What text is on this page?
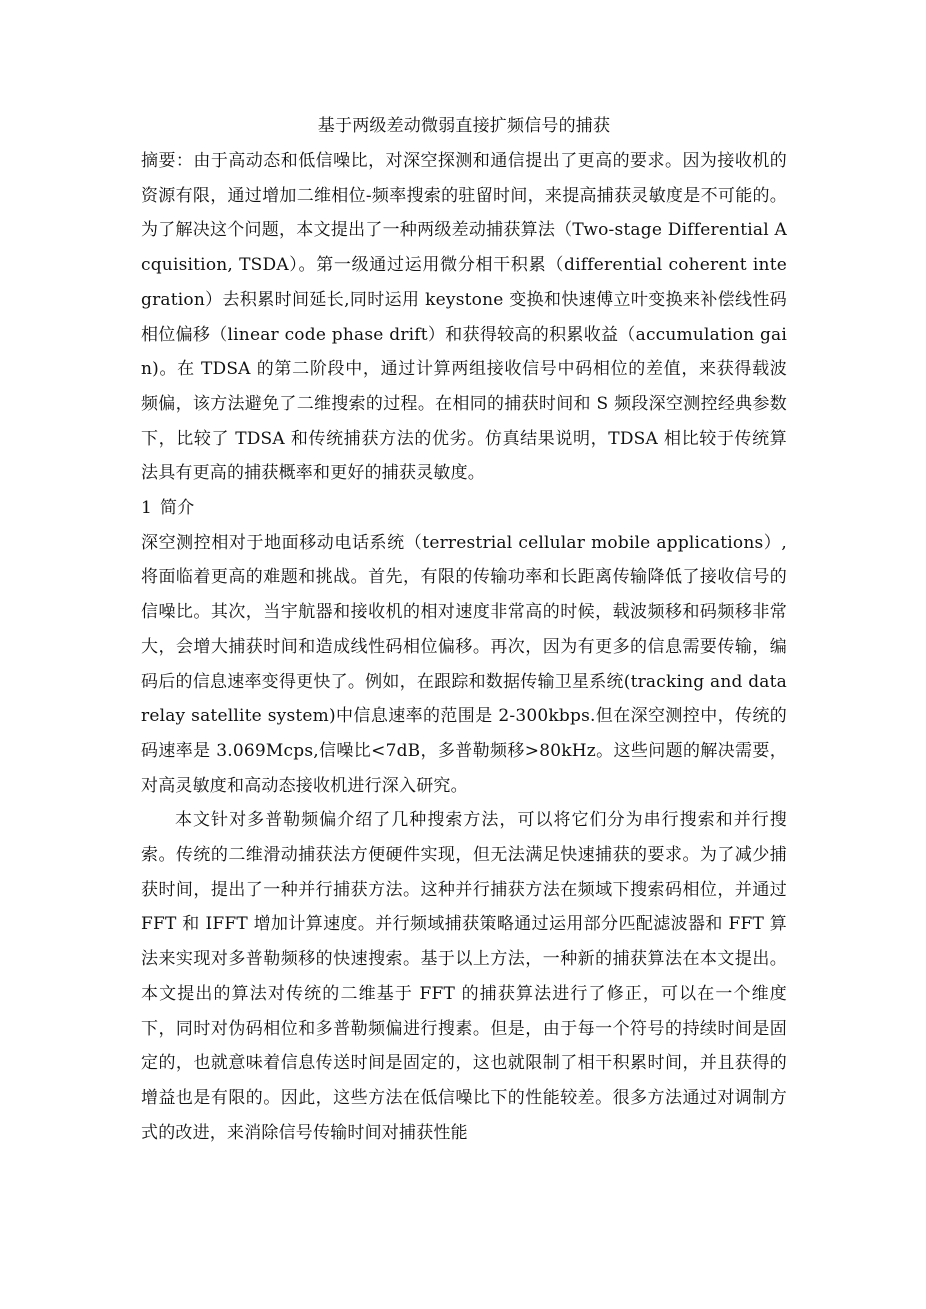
基于两级差动微弱直接扩频信号的捕获

摘要：由于高动态和低信噪比，对深空探测和通信提出了更高的要求。因为接收机的资源有限，通过增加二维相位-频率搜索的驻留时间，来提高捕获灵敏度是不可能的。为了解决这个问题，本文提出了一种两级差动捕获算法（Two-stage Differential Acquisition, TSDA）。第一级通过运用微分相干积累（differential coherent integration）去积累时间延长,同时运用 keystone 变换和快速傅立叶变换来补偿线性码相位偏移（linear code phase drift）和获得较高的积累收益（accumulation gain)。在 TDSA 的第二阶段中，通过计算两组接收信号中码相位的差值，来获得载波频偏，该方法避免了二维搜索的过程。在相同的捕获时间和 S 频段深空测控经典参数下，比较了 TDSA 和传统捕获方法的优劣。仿真结果说明，TDSA 相比较于传统算法具有更高的捕获概率和更好的捕获灵敏度。

1 简介

深空测控相对于地面移动电话系统（terrestrial cellular mobile applications）,将面临着更高的难题和挑战。首先，有限的传输功率和长距离传输降低了接收信号的信噪比。其次，当宇航器和接收机的相对速度非常高的时候，载波频移和码频移非常大，会增大捕获时间和造成线性码相位偏移。再次，因为有更多的信息需要传输，编码后的信息速率变得更快了。例如，在跟踪和数据传输卫星系统(tracking and data relay satellite system)中信息速率的范围是 2-300kbps.但在深空测控中，传统的码速率是 3.069Mcps,信噪比<7dB，多普勒频移>80kHz。这些问题的解决需要，对高灵敏度和高动态接收机进行深入研究。

本文针对多普勒频偏介绍了几种搜索方法，可以将它们分为串行搜索和并行搜索。传统的二维滑动捕获法方便硬件实现，但无法满足快速捕获的要求。为了减少捕获时间，提出了一种并行捕获方法。这种并行捕获方法在频域下搜索码相位，并通过 FFT 和 IFFT 增加计算速度。并行频域捕获策略通过运用部分匹配滤波器和 FFT 算法来实现对多普勒频移的快速搜索。基于以上方法，一种新的捕获算法在本文提出。本文提出的算法对传统的二维基于 FFT 的捕获算法进行了修正，可以在一个维度下，同时对伪码相位和多普勒频偏进行搜素。但是，由于每一个符号的持续时间是固定的，也就意味着信息传送时间是固定的，这也就限制了相干积累时间，并且获得的增益也是有限的。因此，这些方法在低信噪比下的性能较差。很多方法通过对调制方式的改进，来消除信号传输时间对捕获性能
